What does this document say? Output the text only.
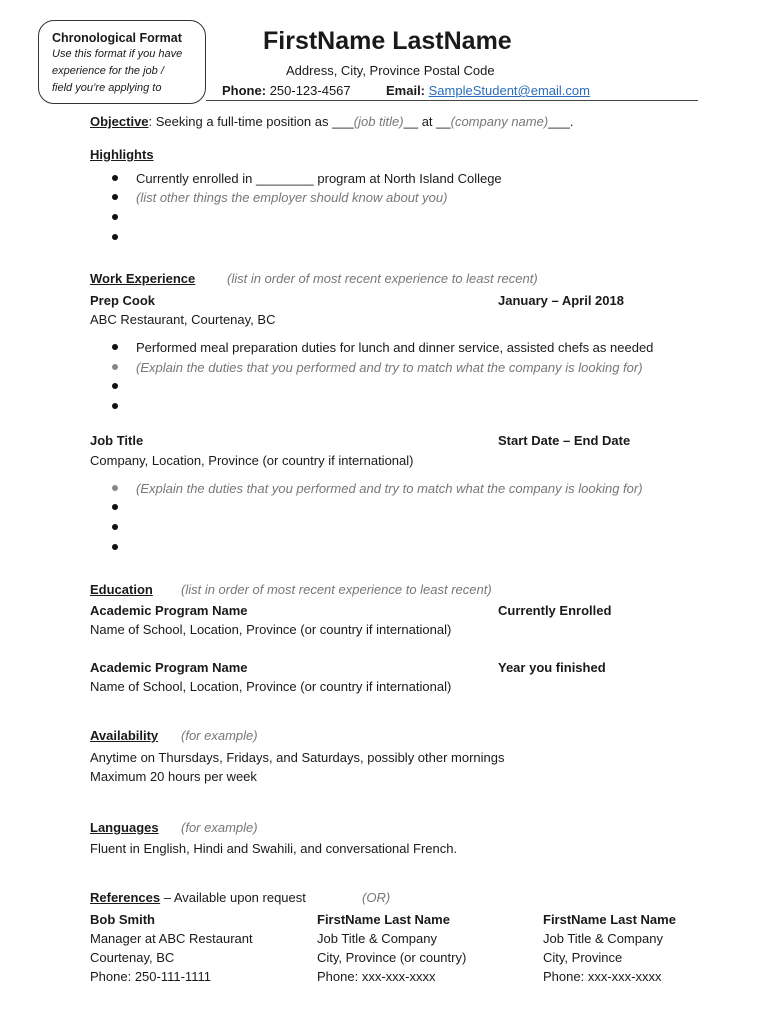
Chronological Format
Use this format if you have
experience for the job /
field you’re applying to
FirstName LastName
Address, City, Province Postal Code
Phone: 250-123-4567	Email: SampleStudent@email.com
Objective: Seeking a full-time position as ___(job title)__ at __(company name)___.
Highlights
Currently enrolled in ________ program at North Island College
(list other things the employer should know about you)
Work Experience (list in order of most recent experience to least recent)
Prep Cook	January – April 2018
ABC Restaurant, Courtenay, BC
Performed meal preparation duties for lunch and dinner service, assisted chefs as needed
(Explain the duties that you performed and try to match what the company is looking for)
Job Title	Start Date – End Date
Company, Location, Province (or country if international)
(Explain the duties that you performed and try to match what the company is looking for)
Education (list in order of most recent experience to least recent)
Academic Program Name	Currently Enrolled
Name of School, Location, Province (or country if international)
Academic Program Name	Year you finished
Name of School, Location, Province (or country if international)
Availability (for example)
Anytime on Thursdays, Fridays, and Saturdays, possibly other mornings
Maximum 20 hours per week
Languages (for example)
Fluent in English, Hindi and Swahili, and conversational French.
References – Available upon request	(OR)
Bob Smith
Manager at ABC Restaurant
Courtenay, BC
Phone: 250-111-1111
FirstName Last Name
Job Title & Company
City, Province (or country)
Phone: xxx-xxx-xxxx
FirstName Last Name
Job Title & Company
City, Province
Phone: xxx-xxx-xxxx
